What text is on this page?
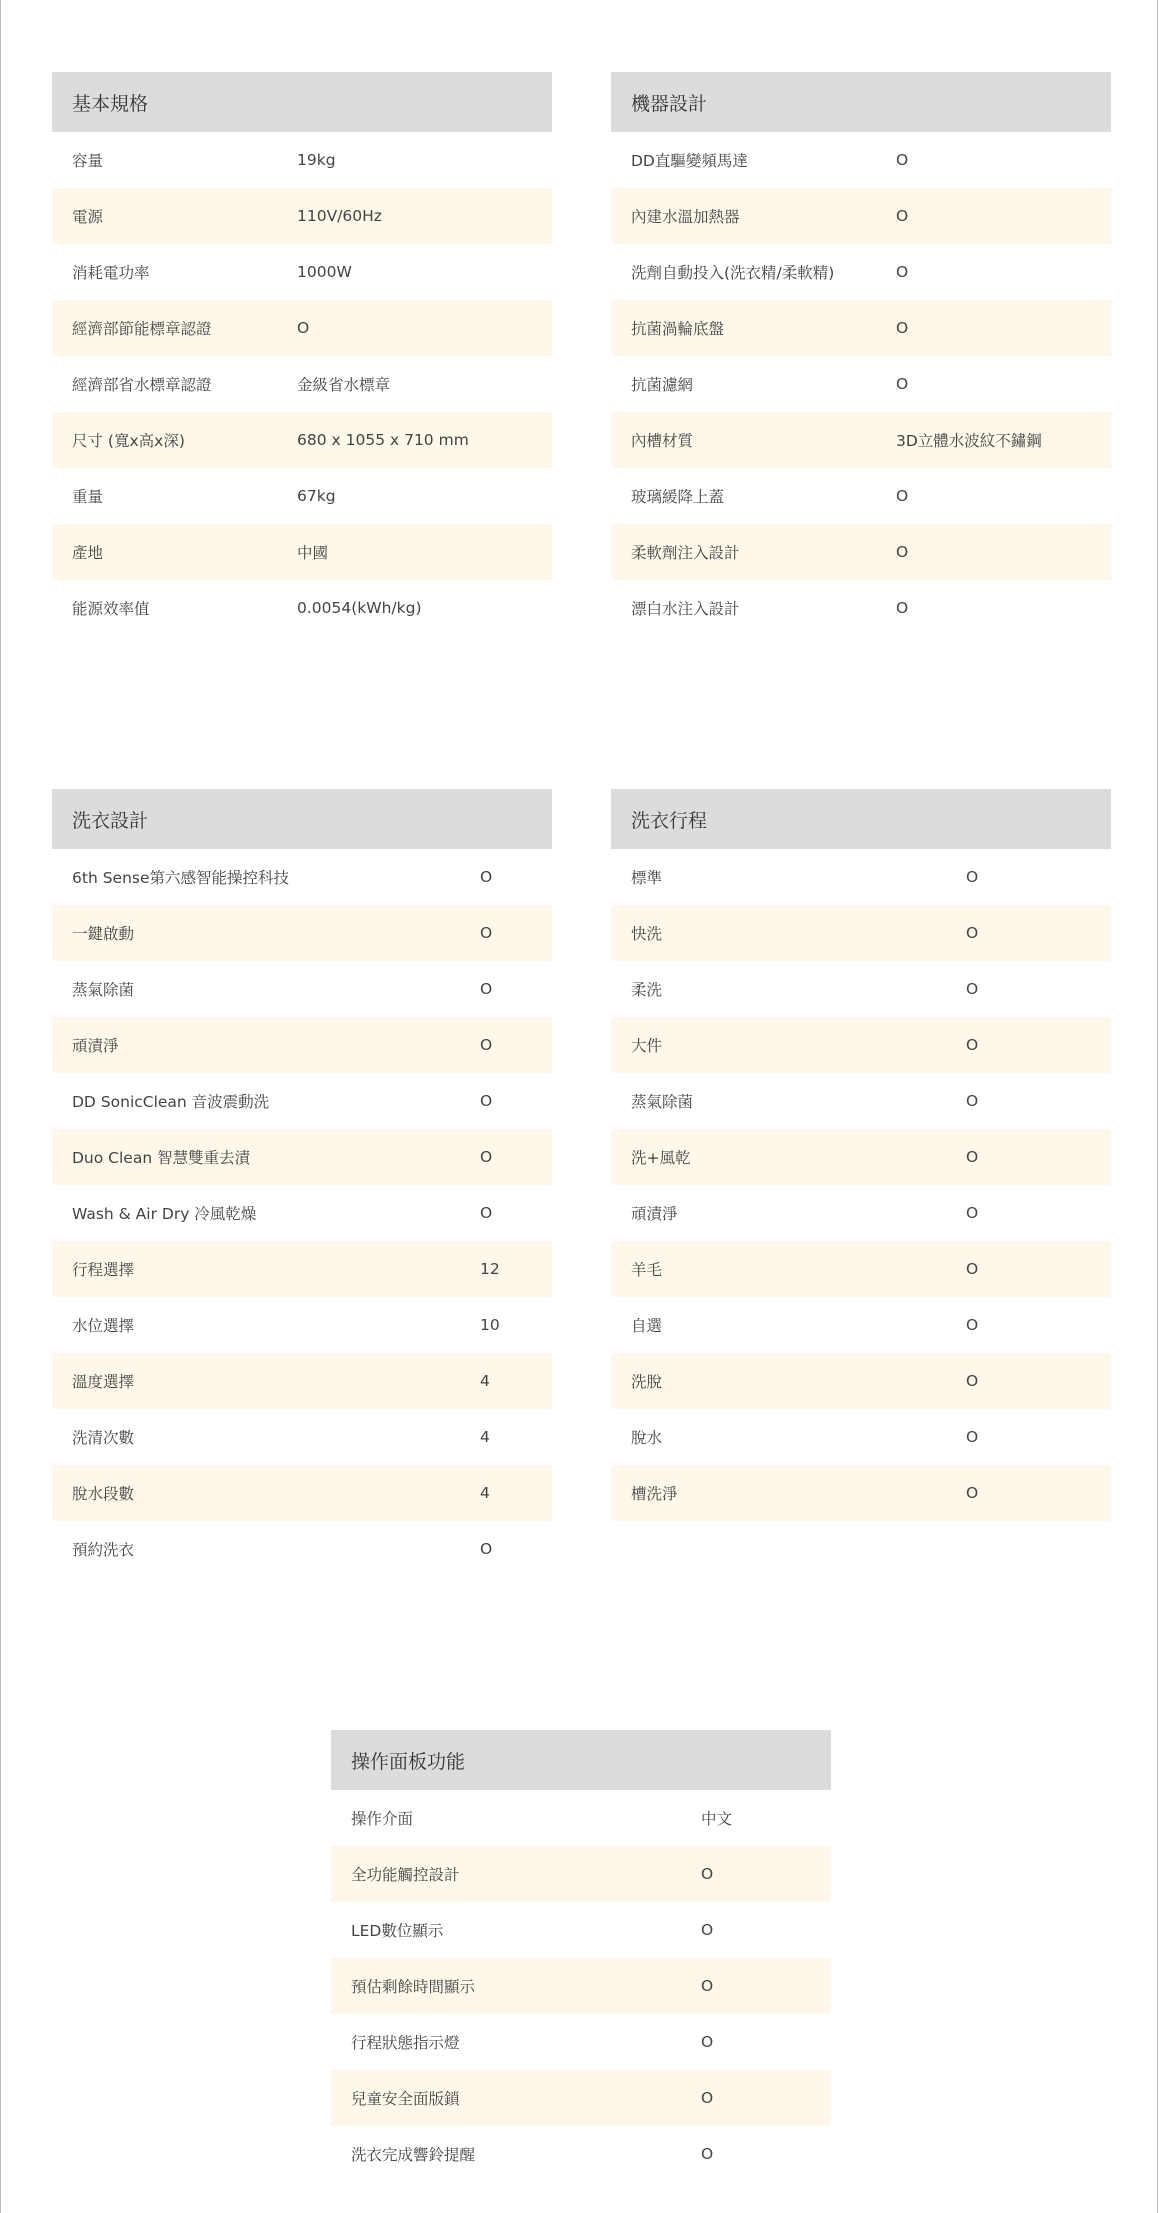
基本規格
容量	19kg
電源	110V/60Hz
消耗電功率	1000W
經濟部節能標章認證	O
經濟部省水標章認證	金級省水標章
尺寸 (寬x高x深)	680 x 1055 x 710 mm
重量	67kg
產地	中國
能源效率值	0.0054(kWh/kg)
機器設計
DD直驅變頻馬達	O
內建水溫加熱器	O
洗劑自動投入(洗衣精/柔軟精)	O
抗菌渦輪底盤	O
抗菌濾網	O
內槽材質	3D立體水波紋不鏽鋼
玻璃緩降上蓋	O
柔軟劑注入設計	O
漂白水注入設計	O
洗衣設計
6th Sense第六感智能操控科技	O
一鍵啟動	O
蒸氣除菌	O
頑漬淨	O
DD SonicClean 音波震動洗	O
Duo Clean 智慧雙重去漬	O
Wash & Air Dry 冷風乾燥	O
行程選擇	12
水位選擇	10
溫度選擇	4
洗清次數	4
脫水段數	4
預約洗衣	O
洗衣行程
標準	O
快洗	O
柔洗	O
大件	O
蒸氣除菌	O
洗+風乾	O
頑漬淨	O
羊毛	O
自選	O
洗脫	O
脫水	O
槽洗淨	O
操作面板功能
操作介面	中文
全功能觸控設計	O
LED數位顯示	O
預估剩餘時間顯示	O
行程狀態指示燈	O
兒童安全面版鎖	O
洗衣完成響鈴提醒	O
